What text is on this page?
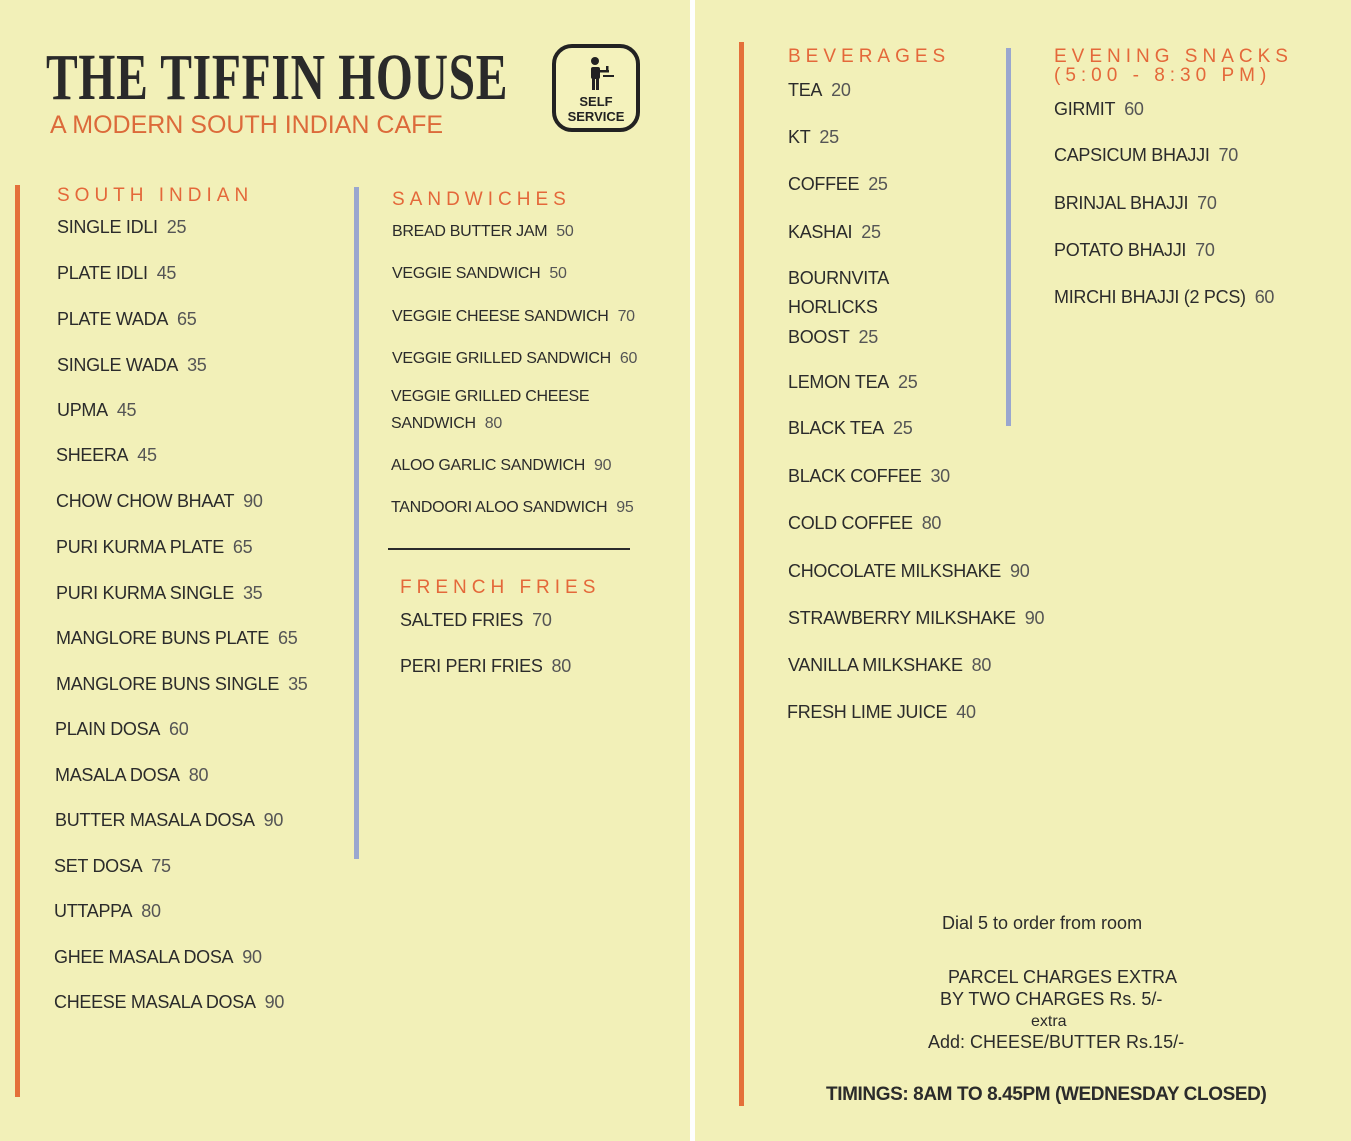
THE TIFFIN HOUSE
A MODERN SOUTH INDIAN CAFE
SELF
SERVICE
SOUTH INDIAN
SINGLE IDLI 25
PLATE IDLI 45
PLATE WADA 65
SINGLE WADA 35
UPMA 45
SHEERA 45
CHOW CHOW BHAAT 90
PURI KURMA PLATE 65
PURI KURMA SINGLE 35
MANGLORE BUNS PLATE 65
MANGLORE BUNS SINGLE 35
PLAIN DOSA 60
MASALA DOSA 80
BUTTER MASALA DOSA 90
SET DOSA 75
UTTAPPA 80
GHEE MASALA DOSA 90
CHEESE MASALA DOSA 90
SANDWICHES
BREAD BUTTER JAM 50
VEGGIE SANDWICH 50
VEGGIE CHEESE SANDWICH 70
VEGGIE GRILLED SANDWICH 60
VEGGIE GRILLED CHEESE
SANDWICH 80
ALOO GARLIC SANDWICH 90
TANDOORI ALOO SANDWICH 95
FRENCH FRIES
SALTED FRIES 70
PERI PERI FRIES 80
BEVERAGES
TEA 20
KT 25
COFFEE 25
KASHAI 25
BOURNVITA
HORLICKS
BOOST 25
LEMON TEA 25
BLACK TEA 25
BLACK COFFEE 30
COLD COFFEE 80
CHOCOLATE MILKSHAKE 90
STRAWBERRY MILKSHAKE 90
VANILLA MILKSHAKE 80
FRESH LIME JUICE 40
EVENING SNACKS
(5:00 - 8:30 PM)
GIRMIT 60
CAPSICUM BHAJJI 70
BRINJAL BHAJJI 70
POTATO BHAJJI 70
MIRCHI BHAJJI (2 PCS) 60
Dial 5 to order from room
PARCEL CHARGES EXTRA
BY TWO CHARGES Rs. 5/-
extra
Add: CHEESE/BUTTER Rs.15/-
TIMINGS: 8AM TO 8.45PM (WEDNESDAY CLOSED)
